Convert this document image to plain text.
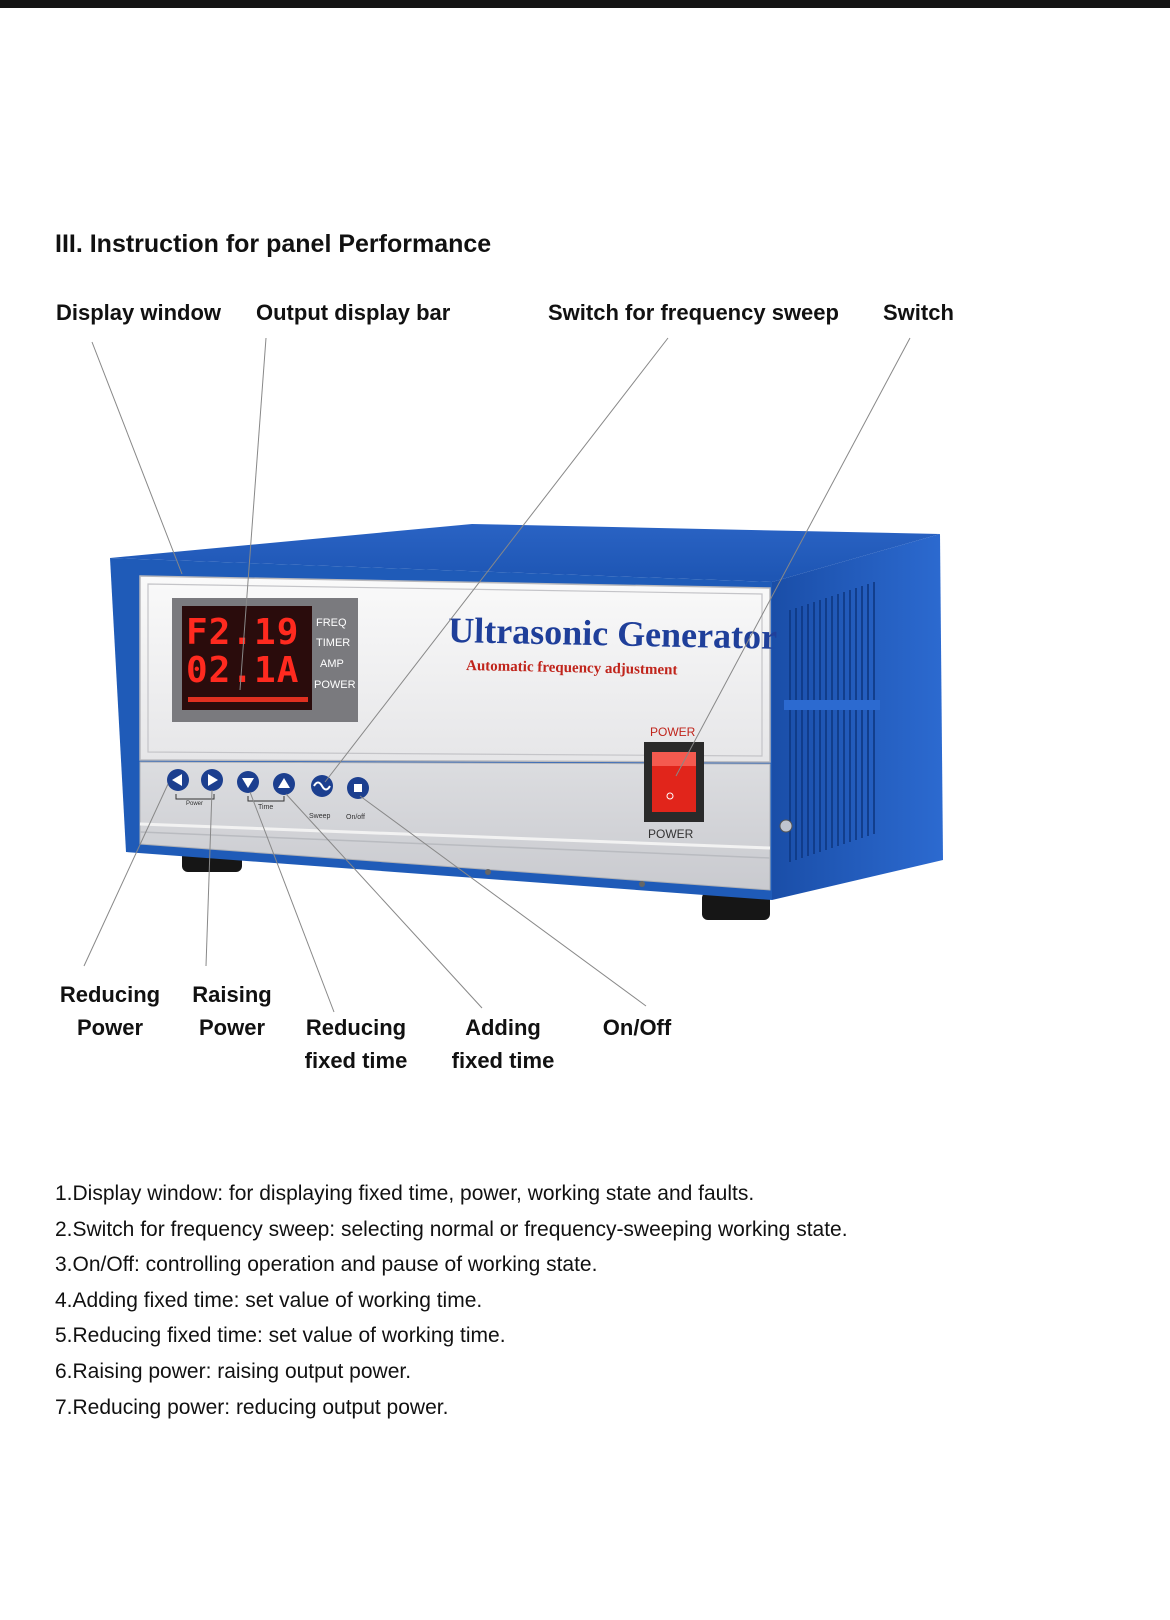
III. Instruction for panel Performance
Display window Output display bar	Switch for frequency sweep Switch
F2.19
02.1A
FREQ
TIMER
AMP
POWER
Ultrasonic Generator
Automatic frequency adjustment
POWER
POWER
Power	Time
Sweep On/off
Reducing
Power
Raising
Power	Reducing
fixed time
Adding
fixed time
On/Off
1.Display window: for displaying fixed time, power, working state and faults.
2.Switch for frequency sweep: selecting normal or frequency-sweeping working state.
3.On/Off: controlling operation and pause of working state.
4.Adding fixed time: set value of working time.
5.Reducing fixed time: set value of working time.
6.Raising power: raising output power.
7.Reducing power: reducing output power.
